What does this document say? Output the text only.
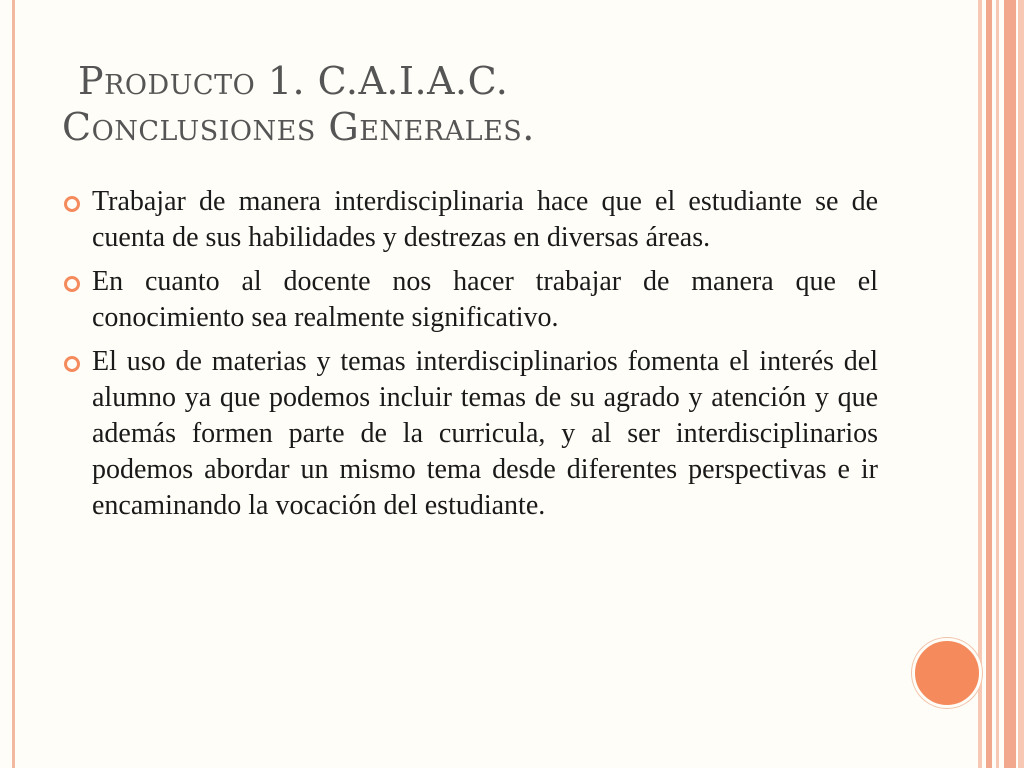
Producto 1. C.A.I.A.C.
Conclusiones Generales.
Trabajar de manera interdisciplinaria hace que el estudiante se de cuenta de sus habilidades y destrezas en diversas áreas.
En cuanto al docente nos hacer trabajar de manera que el conocimiento sea realmente significativo.
El uso de materias y temas interdisciplinarios fomenta el interés del alumno ya que podemos incluir temas de su agrado y atención y que además formen parte de la curricula, y al ser interdisciplinarios podemos abordar un mismo tema desde diferentes perspectivas e ir encaminando la vocación del estudiante.
